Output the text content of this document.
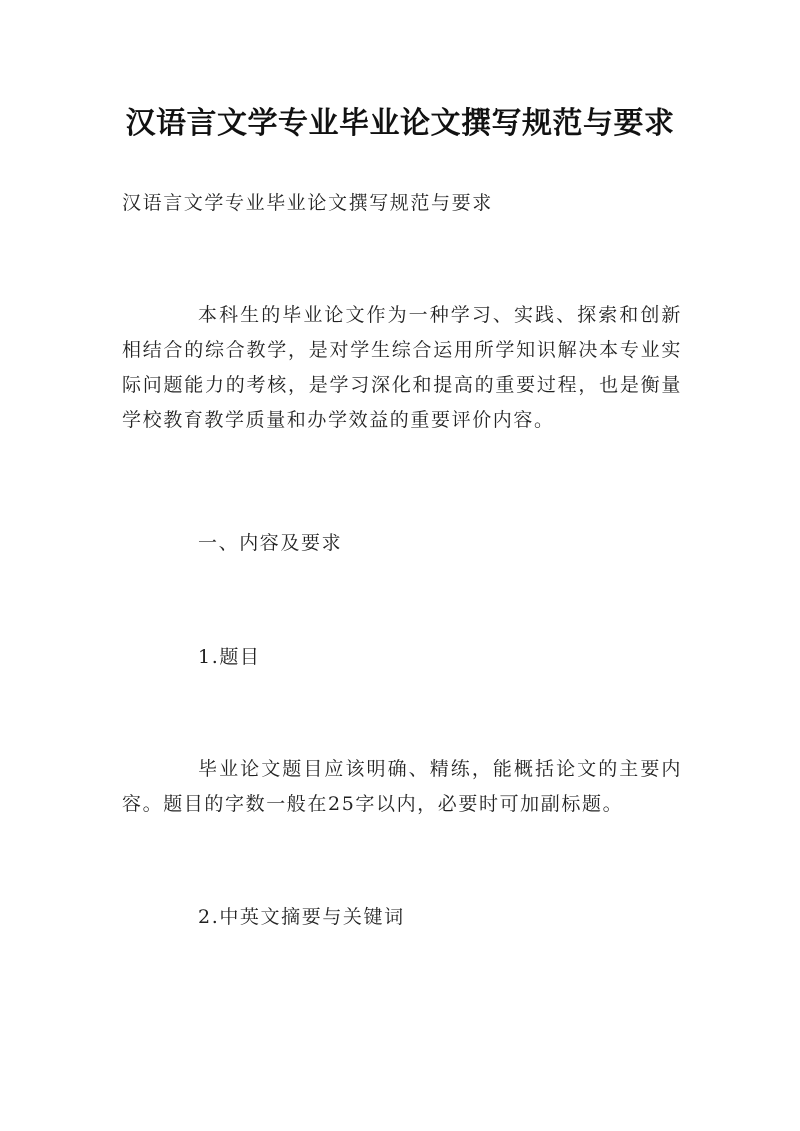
汉语言文学专业毕业论文撰写规范与要求

汉语言文学专业毕业论文撰写规范与要求

本科生的毕业论文作为一种学习、实践、探索和创新相结合的综合教学，是对学生综合运用所学知识解决本专业实际问题能力的考核，是学习深化和提高的重要过程，也是衡量学校教育教学质量和办学效益的重要评价内容。

一、内容及要求

1.题目

毕业论文题目应该明确、精练，能概括论文的主要内容。题目的字数一般在25字以内，必要时可加副标题。

2.中英文摘要与关键词
